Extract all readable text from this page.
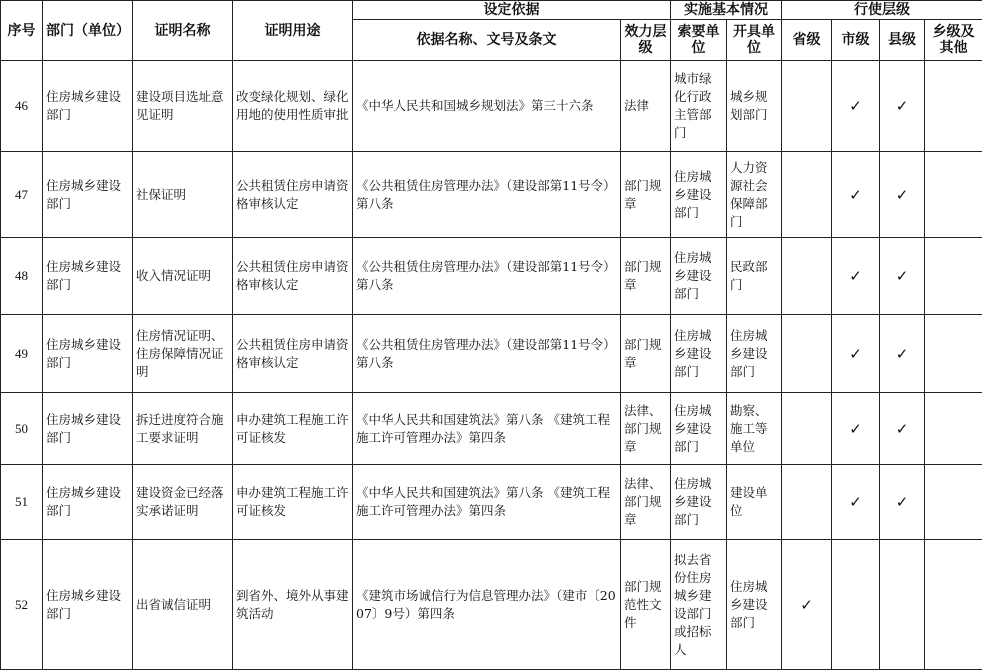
序号	部门（单位）	证明名称	证明用途	设定依据		实施基本情况		行使层级			
				依据名称、文号及条文	效力层级	索要单位	开具单位	省级	市级	县级	乡级及其他
46	住房城乡建设部门	建设项目选址意见证明	改变绿化规划、绿化用地的使用性质审批	《中华人民共和国城乡规划法》第三十六条	法律	城市绿化行政主管部门	城乡规划部门		✓	✓	
47	住房城乡建设部门	社保证明	公共租赁住房申请资格审核认定	《公共租赁住房管理办法》（建设部第11号令）第八条	部门规章	住房城乡建设部门	人力资源社会保障部门		✓	✓	
48	住房城乡建设部门	收入情况证明	公共租赁住房申请资格审核认定	《公共租赁住房管理办法》（建设部第11号令）第八条	部门规章	住房城乡建设部门	民政部门		✓	✓	
49	住房城乡建设部门	住房情况证明、住房保障情况证明	公共租赁住房申请资格审核认定	《公共租赁住房管理办法》（建设部第11号令）第八条	部门规章	住房城乡建设部门	住房城乡建设部门		✓	✓	
50	住房城乡建设部门	拆迁进度符合施工要求证明	申办建筑工程施工许可证核发	《中华人民共和国建筑法》第八条 《建筑工程施工许可管理办法》第四条	法律、部门规章	住房城乡建设部门	勘察、施工等单位		✓	✓	
51	住房城乡建设部门	建设资金已经落实承诺证明	申办建筑工程施工许可证核发	《中华人民共和国建筑法》第八条 《建筑工程施工许可管理办法》第四条	法律、部门规章	住房城乡建设部门	建设单位		✓	✓	
52	住房城乡建设部门	出省诚信证明	到省外、境外从事建筑活动	《建筑市场诚信行为信息管理办法》（建市〔2007〕9号）第四条	部门规范性文件	拟去省份住房城乡建设部门或招标人	住房城乡建设部门	✓			
